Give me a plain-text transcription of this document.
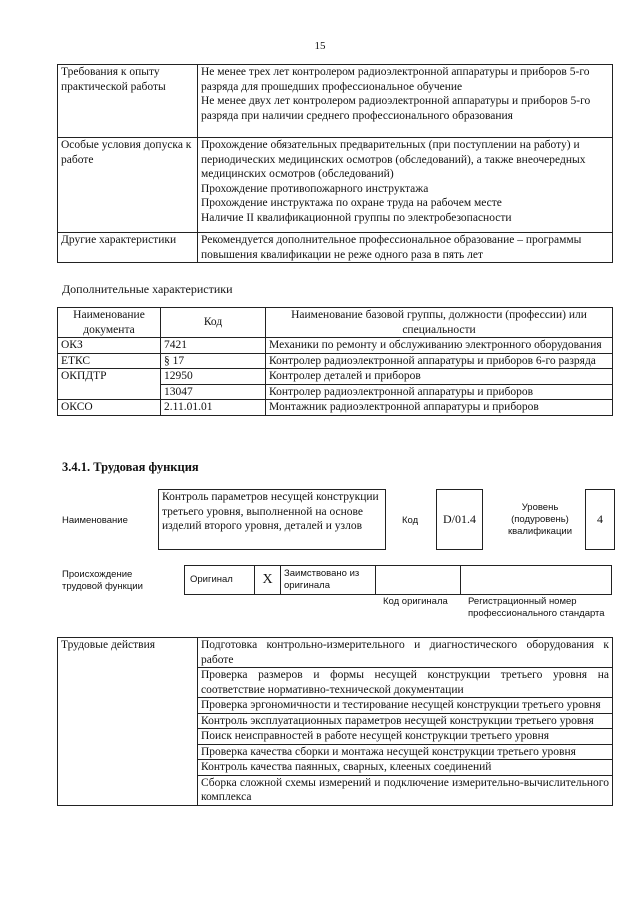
15
Требования к опыту практической работы	Не менее трех лет контролером радиоэлектронной аппаратуры и приборов 5-го разряда для прошедших профессиональное обучение
Не менее двух лет контролером радиоэлектронной аппаратуры и приборов 5-го разряда при наличии среднего профессионального образования

Особые условия допуска к работе	Прохождение обязательных предварительных (при поступлении на работу) и периодических медицинских осмотров (обследований), а также внеочередных медицинских осмотров (обследований)
Прохождение противопожарного инструктажа
Прохождение инструктажа по охране труда на рабочем месте
Наличие II квалификационной группы по электробезопасности

Другие характеристики	Рекомендуется дополнительное профессиональное образование – программы повышения квалификации не реже одного раза в пять лет
Дополнительные характеристики
Наименование документа	Код	Наименование базовой группы, должности (профессии) или специальности
ОКЗ	7421	Механики по ремонту и обслуживанию электронного оборудования
ЕТКС	§ 17	Контролер радиоэлектронной аппаратуры и приборов 6-го разряда
ОКПДТР	12950	Контролер деталей и приборов
	13047	Контролер радиоэлектронной аппаратуры и приборов
ОКСО	2.11.01.01	Монтажник радиоэлектронной аппаратуры и приборов
3.4.1. Трудовая функция
Наименование
Контроль параметров несущей конструкции третьего уровня, выполненной на основе изделий второго уровня, деталей и узлов	Код	D/01.4
Уровень (подуровень) квалификации
4
Происхождение трудовой функции
Оригинал	X	Заимствовано из оригинала
Код оригинала Регистрационный номер профессионального стандарта
Трудовые действия	Подготовка контрольно-измерительного и диагностического оборудования к работе
Проверка размеров и формы несущей конструкции третьего уровня на соответствие нормативно-технической документации
Проверка эргономичности и тестирование несущей конструкции третьего уровня
Контроль эксплуатационных параметров несущей конструкции третьего уровня
Поиск неисправностей в работе несущей конструкции третьего уровня
Проверка качества сборки и монтажа несущей конструкции третьего уровня
Контроль качества паянных, сварных, клееных соединений
Сборка сложной схемы измерений и подключение измерительно-вычислительного комплекса
